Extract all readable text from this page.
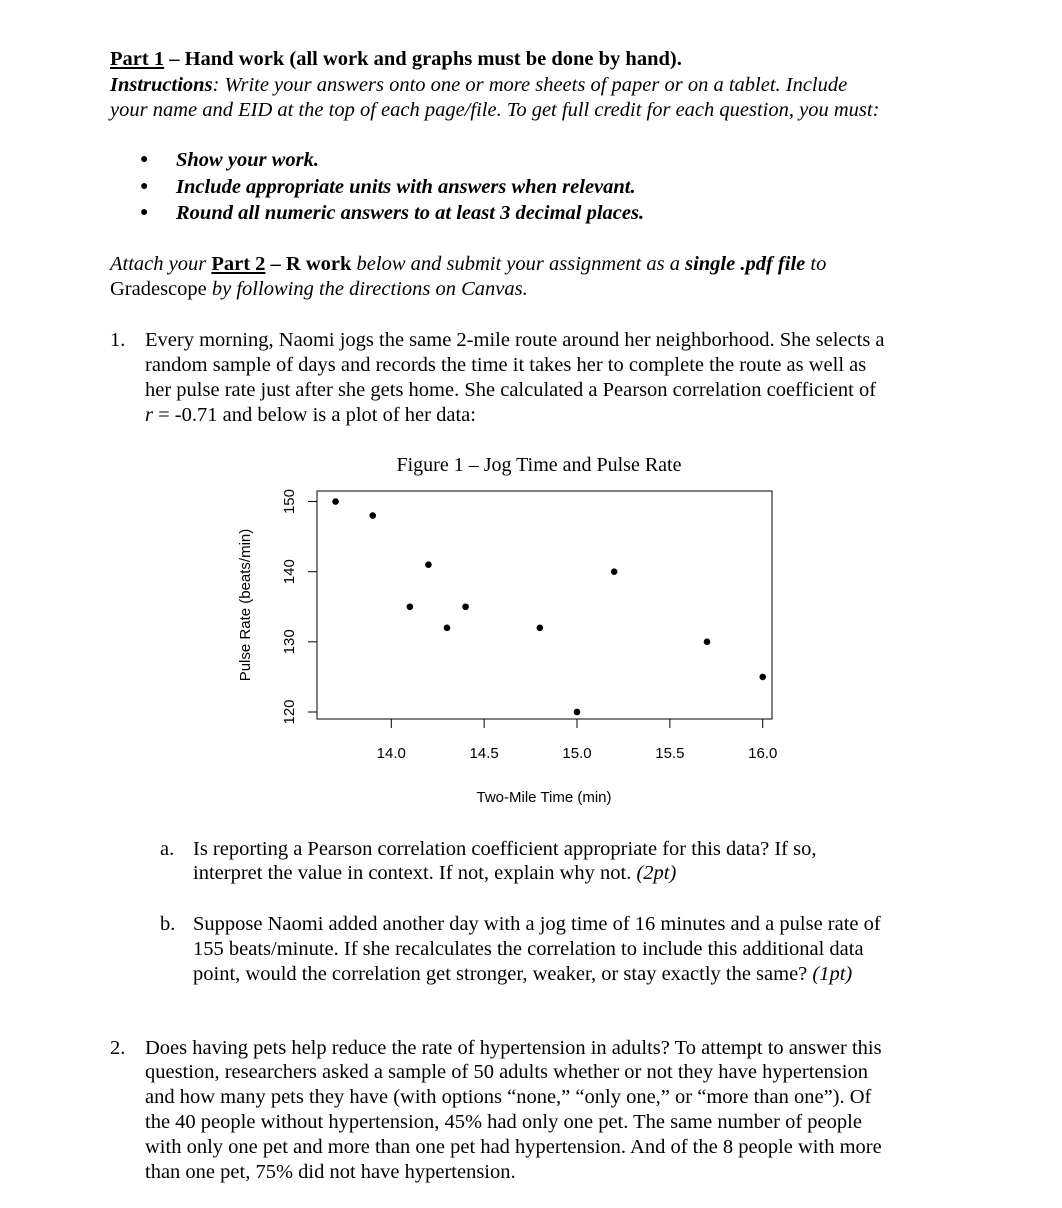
Part 1 – Hand work (all work and graphs must be done by hand).
Instructions: Write your answers onto one or more sheets of paper or on a tablet. Include
your name and EID at the top of each page/file. To get full credit for each question, you must:
● Show your work.
● Include appropriate units with answers when relevant.
● Round all numeric answers to at least 3 decimal places.
Attach your Part 2 – R work below and submit your assignment as a single .pdf file to
Gradescope by following the directions on Canvas.
1. Every morning, Naomi jogs the same 2-mile route around her neighborhood. She selects a
random sample of days and records the time it takes her to complete the route as well as
her pulse rate just after she gets home. She calculated a Pearson correlation coefficient of
r = -0.71 and below is a plot of her data:
Figure 1 – Jog Time and Pulse Rate
120
130
140
150
14.0	14.5	15.0	15.5	16.0
Pulse Rate (beats/min)
Two-Mile Time (min)
a. Is reporting a Pearson correlation coefficient appropriate for this data? If so,
interpret the value in context. If not, explain why not. (2pt)
b. Suppose Naomi added another day with a jog time of 16 minutes and a pulse rate of
155 beats/minute. If she recalculates the correlation to include this additional data
point, would the correlation get stronger, weaker, or stay exactly the same? (1pt)
2. Does having pets help reduce the rate of hypertension in adults? To attempt to answer this
question, researchers asked a sample of 50 adults whether or not they have hypertension
and how many pets they have (with options “none,” “only one,” or “more than one”). Of
the 40 people without hypertension, 45% had only one pet. The same number of people
with only one pet and more than one pet had hypertension. And of the 8 people with more
than one pet, 75% did not have hypertension.
